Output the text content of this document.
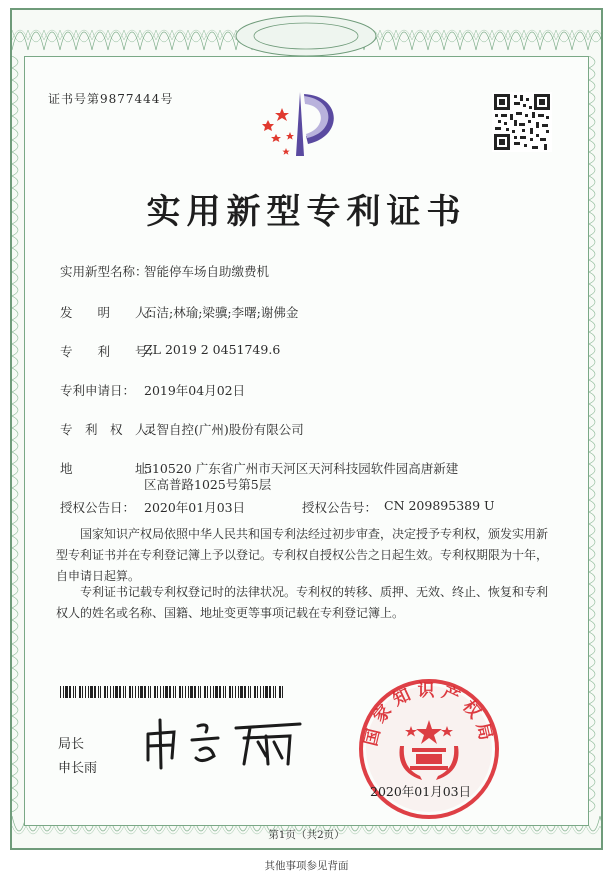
证书号第9877444号
实用新型专利证书
实用新型名称：
智能停车场自助缴费机
发　　明　　人：
石洁;林瑜;梁骥;李曙;谢佛金
专　　利　　号：
ZL 2019 2 0451749.6
专利申请日： 2019年04月02日
专　利　权　人：
灵智自控(广州)股份有限公司
地　　　　　址：
510520 广东省广州市天河区天河科技园软件园高唐新建
区高普路1025号第5层
授权公告日： 2020年01月03日	授权公告号： CN 209895389 U
国家知识产权局依照中华人民共和国专利法经过初步审查，决定授予专利权，颁发实用新型专利证书并在专利登记簿上予以登记。专利权自授权公告之日起生效。专利权期限为十年，自申请日起算。
专利证书记载专利权登记时的法律状况。专利权的转移、质押、无效、终止、恢复和专利权人的姓名或名称、国籍、地址变更等事项记载在专利登记簿上。
局长
申长雨
国家知识产权局
2020年01月03日
第1页（共2页）
其他事项参见背面
